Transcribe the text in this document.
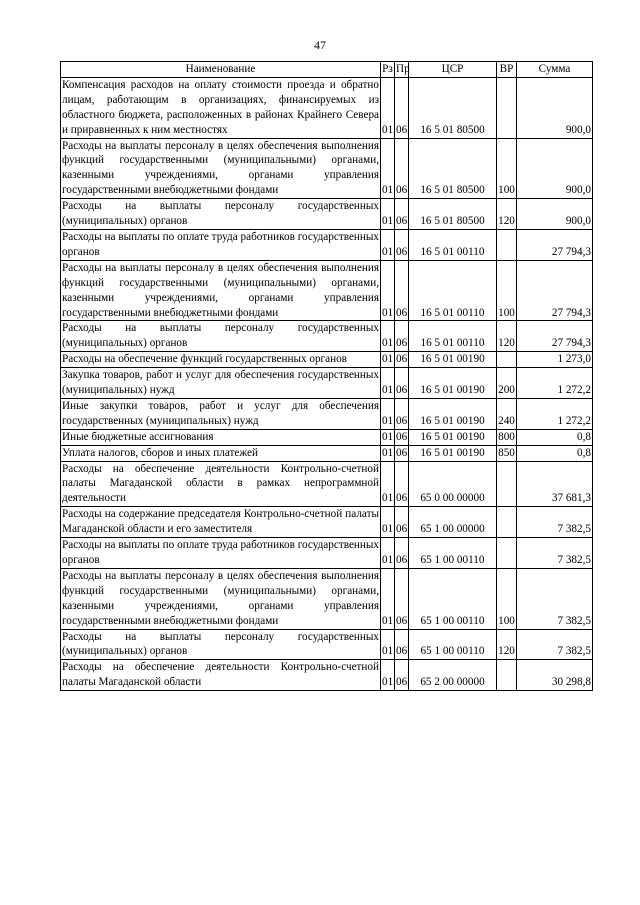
47
Наименование	Рз	Пр	ЦСР	ВР	Сумма
Компенсация расходов на оплату стоимости проезда и обратно лицам, работающим в организациях, финансируемых из областного бюджета, расположенных в районах Крайнего Севера и приравненных к ним местностях	01	06	16 5 01 80500		900,0
Расходы на выплаты персоналу в целях обеспечения выполнения функций государственными (муниципальными) органами, казенными учреждениями, органами управления государственными внебюджетными фондами	01	06	16 5 01 80500	100	900,0
Расходы на выплаты персоналу государственных (муниципальных) органов	01	06	16 5 01 80500	120	900,0
Расходы на выплаты по оплате труда работников государственных органов	01	06	16 5 01 00110		27 794,3
Расходы на выплаты персоналу в целях обеспечения выполнения функций государственными (муниципальными) органами, казенными учреждениями, органами управления государственными внебюджетными фондами	01	06	16 5 01 00110	100	27 794,3
Расходы на выплаты персоналу государственных (муниципальных) органов	01	06	16 5 01 00110	120	27 794,3
Расходы на обеспечение функций государственных органов	01	06	16 5 01 00190		1 273,0
Закупка товаров, работ и услуг для обеспечения государственных (муниципальных) нужд	01	06	16 5 01 00190	200	1 272,2
Иные закупки товаров, работ и услуг для обеспечения государственных (муниципальных) нужд	01	06	16 5 01 00190	240	1 272,2
Иные бюджетные ассигнования	01	06	16 5 01 00190	800	0,8
Уплата налогов, сборов и иных платежей	01	06	16 5 01 00190	850	0,8
Расходы на обеспечение деятельности Контрольно-счетной палаты Магаданской области в рамках непрограммной деятельности	01	06	65 0 00 00000		37 681,3
Расходы на содержание председателя Контрольно-счетной палаты Магаданской области и его заместителя	01	06	65 1 00 00000		7 382,5
Расходы на выплаты по оплате труда работников государственных органов	01	06	65 1 00 00110		7 382,5
Расходы на выплаты персоналу в целях обеспечения выполнения функций государственными (муниципальными) органами, казенными учреждениями, органами управления государственными внебюджетными фондами	01	06	65 1 00 00110	100	7 382,5
Расходы на выплаты персоналу государственных (муниципальных) органов	01	06	65 1 00 00110	120	7 382,5
Расходы на обеспечение деятельности Контрольно-счетной палаты Магаданской области	01	06	65 2 00 00000		30 298,8
